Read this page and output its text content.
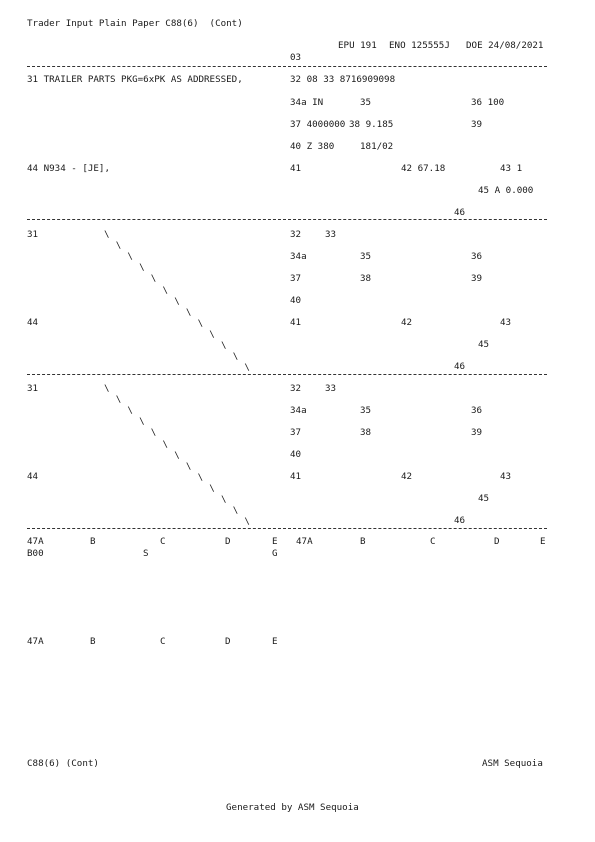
Trader Input Plain Paper C88(6)  (Cont)
EPU 191 ENO 125555J DOE 24/08/2021
03
31 TRAILER PARTS PKG=6xPK AS ADDRESSED,	32 08 33 8716909098
34a IN	35	36 100
37 4000000 38 9.185	39
40 Z 380	181/02
44 N934 - [JE],	41	42 67.18	43 1
45 A 0.000
46
31	32	33
34a	35	36
37	38	39
40
44	41	42	43
45
46
31	32	33
34a	35	36
37	38	39
40
44	41	42	43
45
46
47A	B	C	D	E 47A	B	C	D	E
B00	S	G
47A	B	C	D	E
C88(6) (Cont)	ASM Sequoia
Generated by ASM Sequoia
\
\
\
\
\
\
\
\
\
\
\
\
\
\
\
\
\
\
\
\
\
\
\
\
\
\
